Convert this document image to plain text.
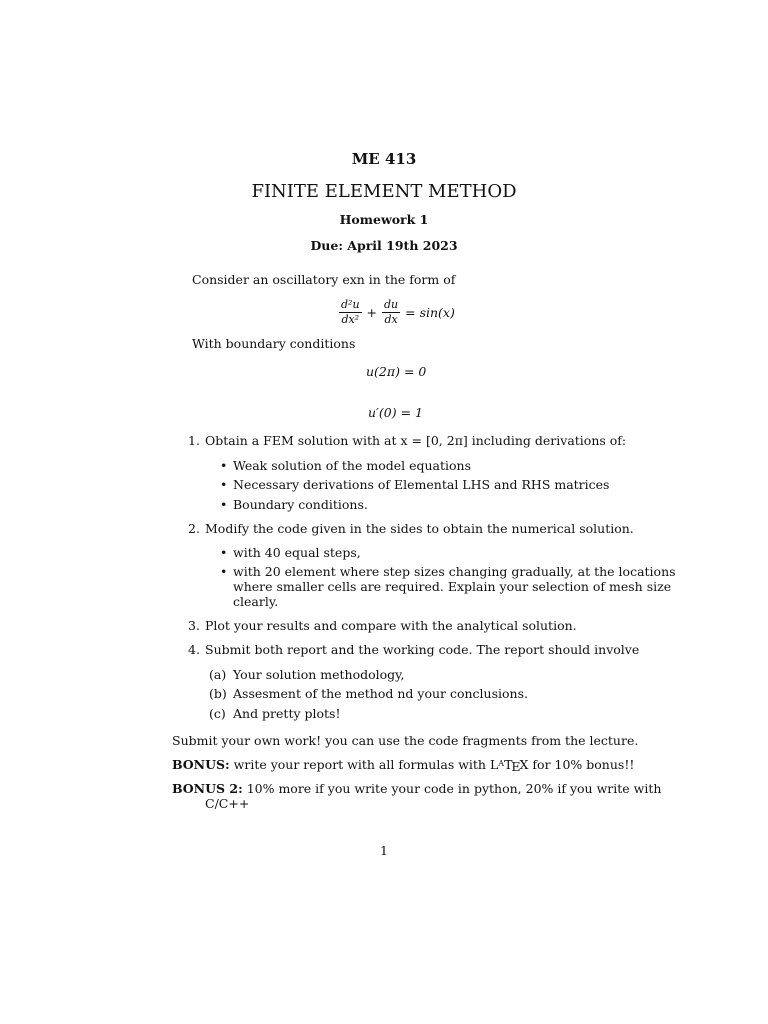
ME 413
FINITE ELEMENT METHOD
Homework 1
Due: April 19th 2023
Consider an oscillatory exn in the form of
$\frac{\text{d²u}}{\text{dx²}} + \frac{du}{dx} = \sin(x)$
With boundary conditions
u(2π) = 0
u′(0) = 1
1. Obtain a FEM solution with at x = [0, 2π] including derivations of:
• Weak solution of the model equations
• Necessary derivations of Elemental LHS and RHS matrices
• Boundary conditions.
2. Modify the code given in the sides to obtain the numerical solution.
• with 40 equal steps,
• with 20 element where step sizes changing gradually, at the locations
where smaller cells are required. Explain your selection of mesh size
clearly.
3. Plot your results and compare with the analytical solution.
4. Submit both report and the working code. The report should involve
(a) Your solution methodology,
(b) Assesment of the method nd your conclusions.
(c) And pretty plots!
Submit your own work! you can use the code fragments from the lecture.
BONUS: write your report with all formulas with $L^ATEX$ for 10% bonus!!
BONUS 2: 10% more if you write your code in python, 20% if you write with
C/C++
1
